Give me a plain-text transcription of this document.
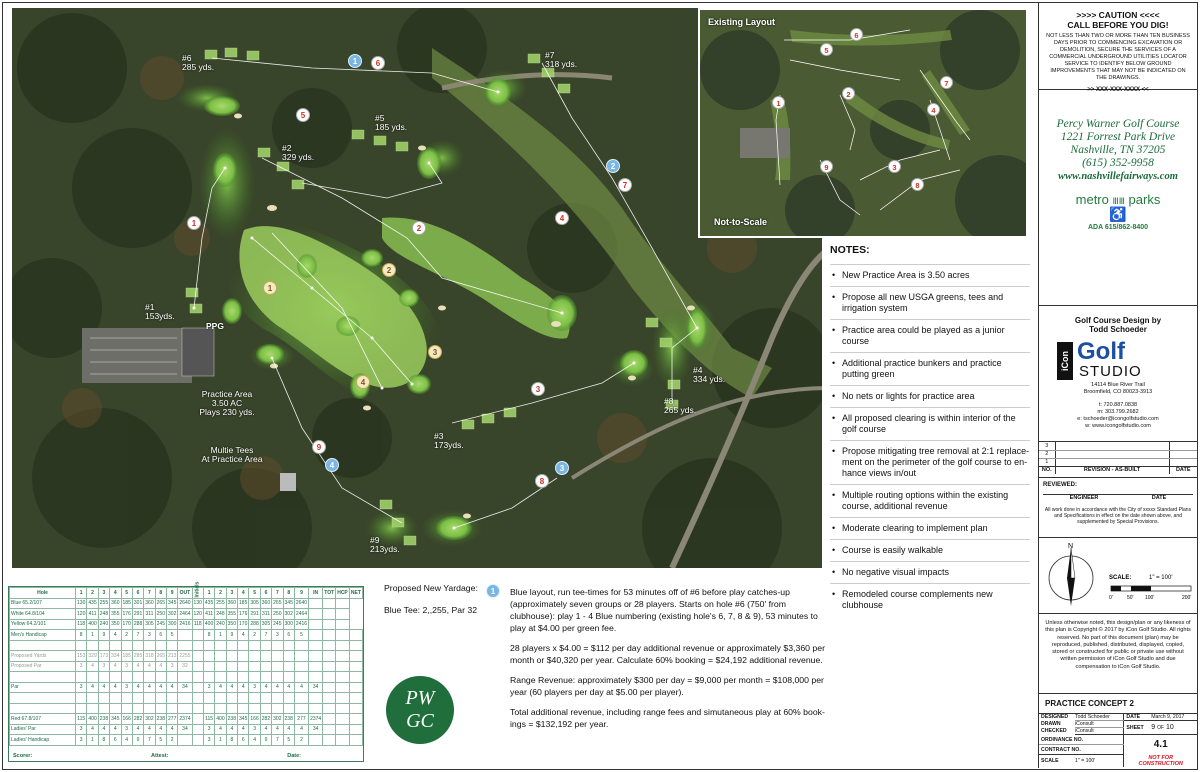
#6
285 yds.
#7
318 yds.
#5
185 yds.
#2
329 yds.
#1
153yds.
#4
334 yds.
#8
265 yds.
#3
173yds.
#9
213yds.
PPG
Practice Area
3.50 AC
Plays 230 yds.
Multie Tees
At Practice Area
6
5
1
2
7
4
3
8
9
1
2
3
4
1
2
3
4
Existing Layout
Not-to-Scale
6
5
1
2
7
4
3
9
8
NOTES:
• New Practice Area is 3.50 acres
• Propose all new USGA greens, tees and irrigation system
• Practice area could be played as a junior course
• Additional practice bunkers and practice putting green
• No nets or lights for practice area
• All proposed clearing is within interior of the golf course
• Propose mitigating tree removal at 2:1 replace-ment on the perimeter of the golf course to en-hance views in/out
• Multiple routing options within the existing course, additional revenue
• Moderate clearing to implement plan
• Course is easily walkable
• No negative visual impacts
• Remodeled course complements new clubhouse
>>>> CAUTION <<<<
CALL BEFORE YOU DIG!
NOT LESS THAN TWO OR MORE THAN TEN BUSINESS DAYS PRIOR TO COMMENCING EXCAVATION OR DEMOLITION, SECURE THE SERVICES OF A COMMERCIAL UNDERGROUND UTILITIES LOCATOR SERVICE TO IDENTIFY BELOW GROUND IMPROVEMENTS THAT MAY NOT BE INDICATED ON THE DRAWINGS.
>> XXX-XXX-XXXX <<
Percy Warner Golf Course
1221 Forrest Park Drive
Nashville, TN 37205
(615) 352-9958
www.nashvillefairways.com
metro ⅢⅢ parks
♿
ADA 615/862-8400
Golf Course Design by
Todd Schoeder
iCon Golf
STUDIO
14114 Blue River Trail
Broomfield, CO 80023-3913
t: 720.887.0838
m: 303.799.2682
e: tschoeder@icongolfstudio.com
w: www.icongolfstudio.com
3		
2		
1		
NO.	REVISION - AS-BUILT	DATE
REVIEWED:
ENGINEER	DATE
All work done in accordance with the City of xxxxx Standard Plans and Specifications in effect on the date shown above, and supplemented by Special Provisions.
N
SCALE:	1" = 100'
0'	50' 100'	200'
Unless otherwise noted, this design/plan or any likeness of this plan is Copyright © 2017 by iCon Golf Studio. All rights reserved. No part of this document (plan) may be reproduced, published, distributed, displayed, copied, stored or constructed for public or private use without written permission of iCon Golf Studio and due compensation to iCon Golf Studio.
PRACTICE CONCEPT 2
DESIGNED	Todd Schoeder	DATE	March 9, 2017
DRAWN	iConsult	SHEET	9 OF 10
CHECKED	iConsult		
ORDINANCE NO.		4.1	
CONTRACT NO.			
SCALE	1" = 100'	NOT FOR
CONSTRUCTION	
Hole	1	2	3	4	5	6	7	8	9	OUT	Initials	1	2	3	4	5	6	7	8	9	IN	TOT	HCP	NET
Blue 65.2/107	130	435	255	360	185	301	360	265	345	2640	130	435	255	360	185	305	360	265	345	2640				
White 64.8/104	120	411	248	355	176	291	311	250	302	2464	120	411	248	355	176	291	311	250	302	2464				
Yellow 64.2/101	118	400	240	350	170	288	305	245	300	2416	118	400	240	350	170	288	305	245	300	2416				
Men's Handicap	8	1	9	4	2	7	3	6	5			8	1	9	4	2	7	3	6	5				

Proposed Yards	153	329	173	334	185	285	318	265	213	2255														
Proposed Par	3	4	3	4	3	4	4	4	3	32														

Par	3	4	4	4	3	4	4	4	4	34		3	4	4	4	3	4	4	4	4	34			

Red 67.8/107	115	400	238	345	166	282	302	238	277	2374		115	400	238	345	166	282	302	238	277	2374			
Ladies' Par	3	4	4	4	3	4	4	4	4	34		3	4	4	4	3	4	4	4	4	34			
Ladies' Handicap	3	1	8	6	4	9	7	5	2			3	1	8	6	4	9	7	5	2				
Scorer:	Attest:	Date:
PW
GC
Proposed New Yardage:
Blue Tee: 2,,255, Par 32
1	Blue layout, run tee-times for 53 minutes off of #6 before play catches-up (approximately seven groups or 28 players. Starts on hole #6 (750' from clubhouse): play 1 - 4 Blue numbering (existing hole's 6, 7, 8 & 9), 53 minutes to play at $4.00 per green fee.

28 players x $4.00 = $112 per day additional revenue or approximately $3,360 per month or $40,320 per year. Calculate 60% booking = $24,192 additional revenue.

Range Revenue: approximately $300 per day = $9,000 per month = $108,000 per year (60 players per day at $5.00 per player).

Total additional revenue, including range fees and simutaneous play at 60% book-ings = $132,192 per year.
